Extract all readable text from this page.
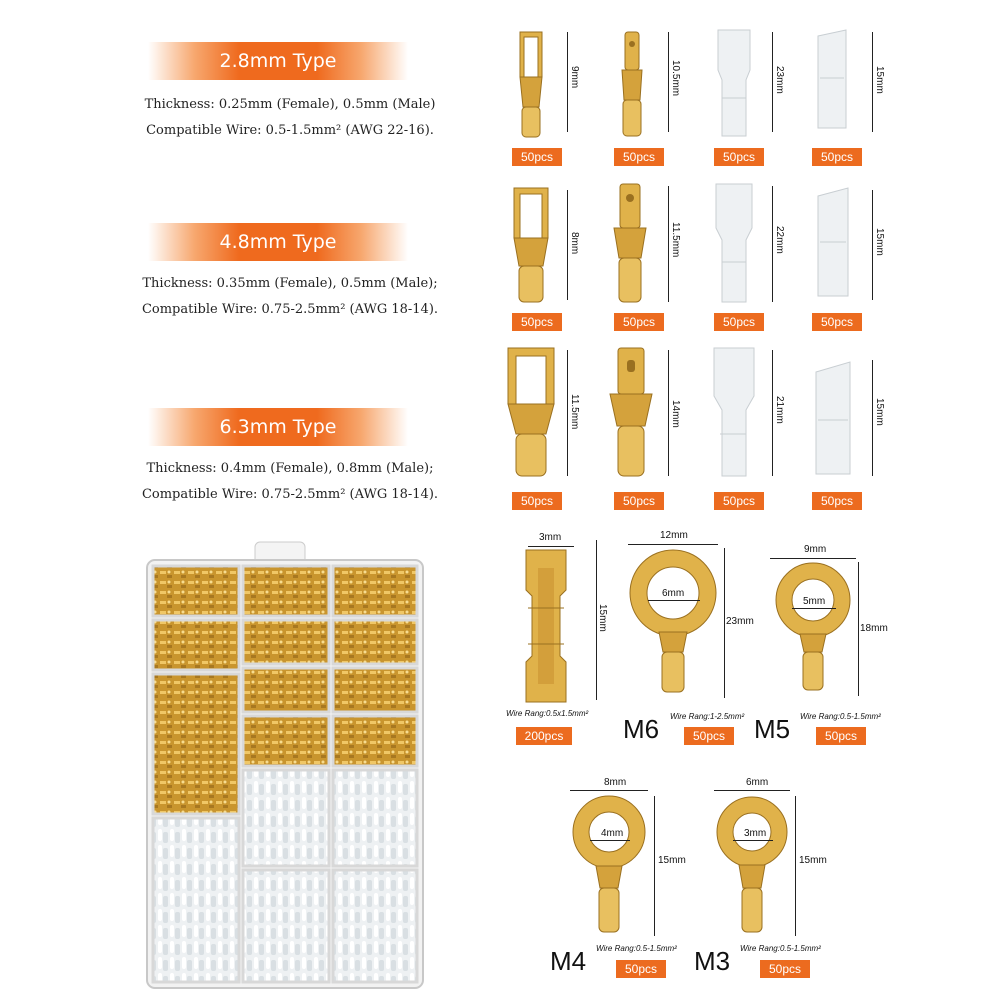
2.8mm Type
Thickness: 0.25mm (Female), 0.5mm (Male)
Compatible Wire: 0.5-1.5mm² (AWG 22-16).
4.8mm Type
Thickness: 0.35mm (Female), 0.5mm (Male);
Compatible Wire: 0.75-2.5mm² (AWG 18-14).
6.3mm Type
Thickness: 0.4mm (Female), 0.8mm (Male);
Compatible Wire: 0.75-2.5mm² (AWG 18-14).
9mm	10.5mm	23mm	15mm
50pcs	50pcs	50pcs	50pcs
8mm	11.5mm	22mm	15mm
50pcs	50pcs	50pcs	50pcs
11.5mm	14mm	21mm	15mm
50pcs	50pcs	50pcs	50pcs
3mm
15mm
Wire Rang:0.5x1.5mm²
200pcs
12mm
6mm
23mm
M6 Wire Rang:1-2.5mm²
50pcs
9mm
5mm
18mm
M5 Wire Rang:0.5-1.5mm²
50pcs
8mm
4mm
15mm
M4 Wire Rang:0.5-1.5mm²
50pcs
6mm
3mm
15mm
M3 Wire Rang:0.5-1.5mm²
50pcs
